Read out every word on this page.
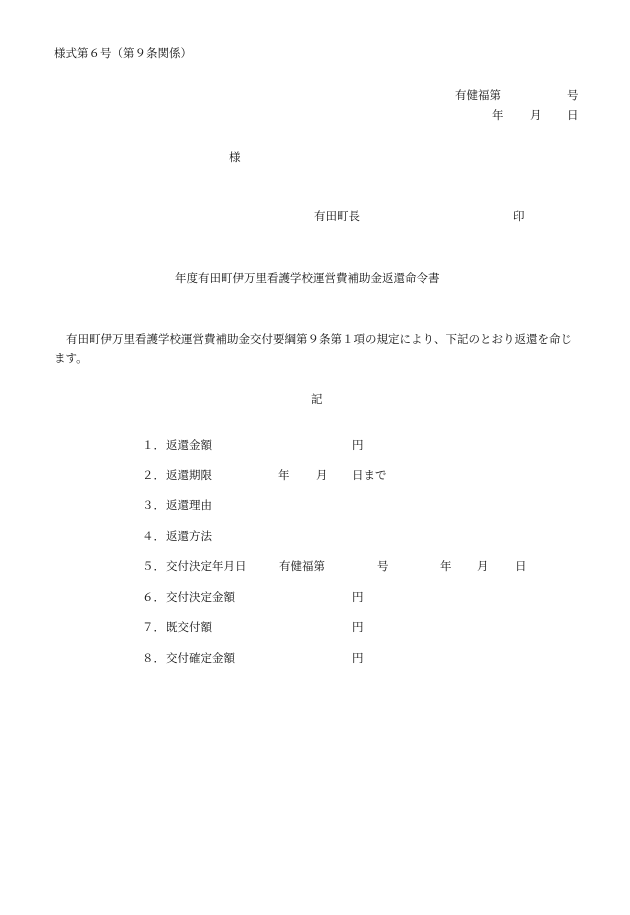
様式第６号（第９条関係）
有健福第	号
年 月 日
様
有田町長	印
年度有田町伊万里看護学校運営費補助金返還命令書
有田町伊万里看護学校運営費補助金交付要綱第９条第１項の規定により、下記のとおり返還を命じます。
記
１． 返還金額	円
２． 返還期限	年 月 日まで
３． 返還理由
４． 返還方法
５． 交付決定年月日	有健福第	号	年 月 日
６． 交付決定金額	円
７． 既交付額	円
８． 交付確定金額	円
